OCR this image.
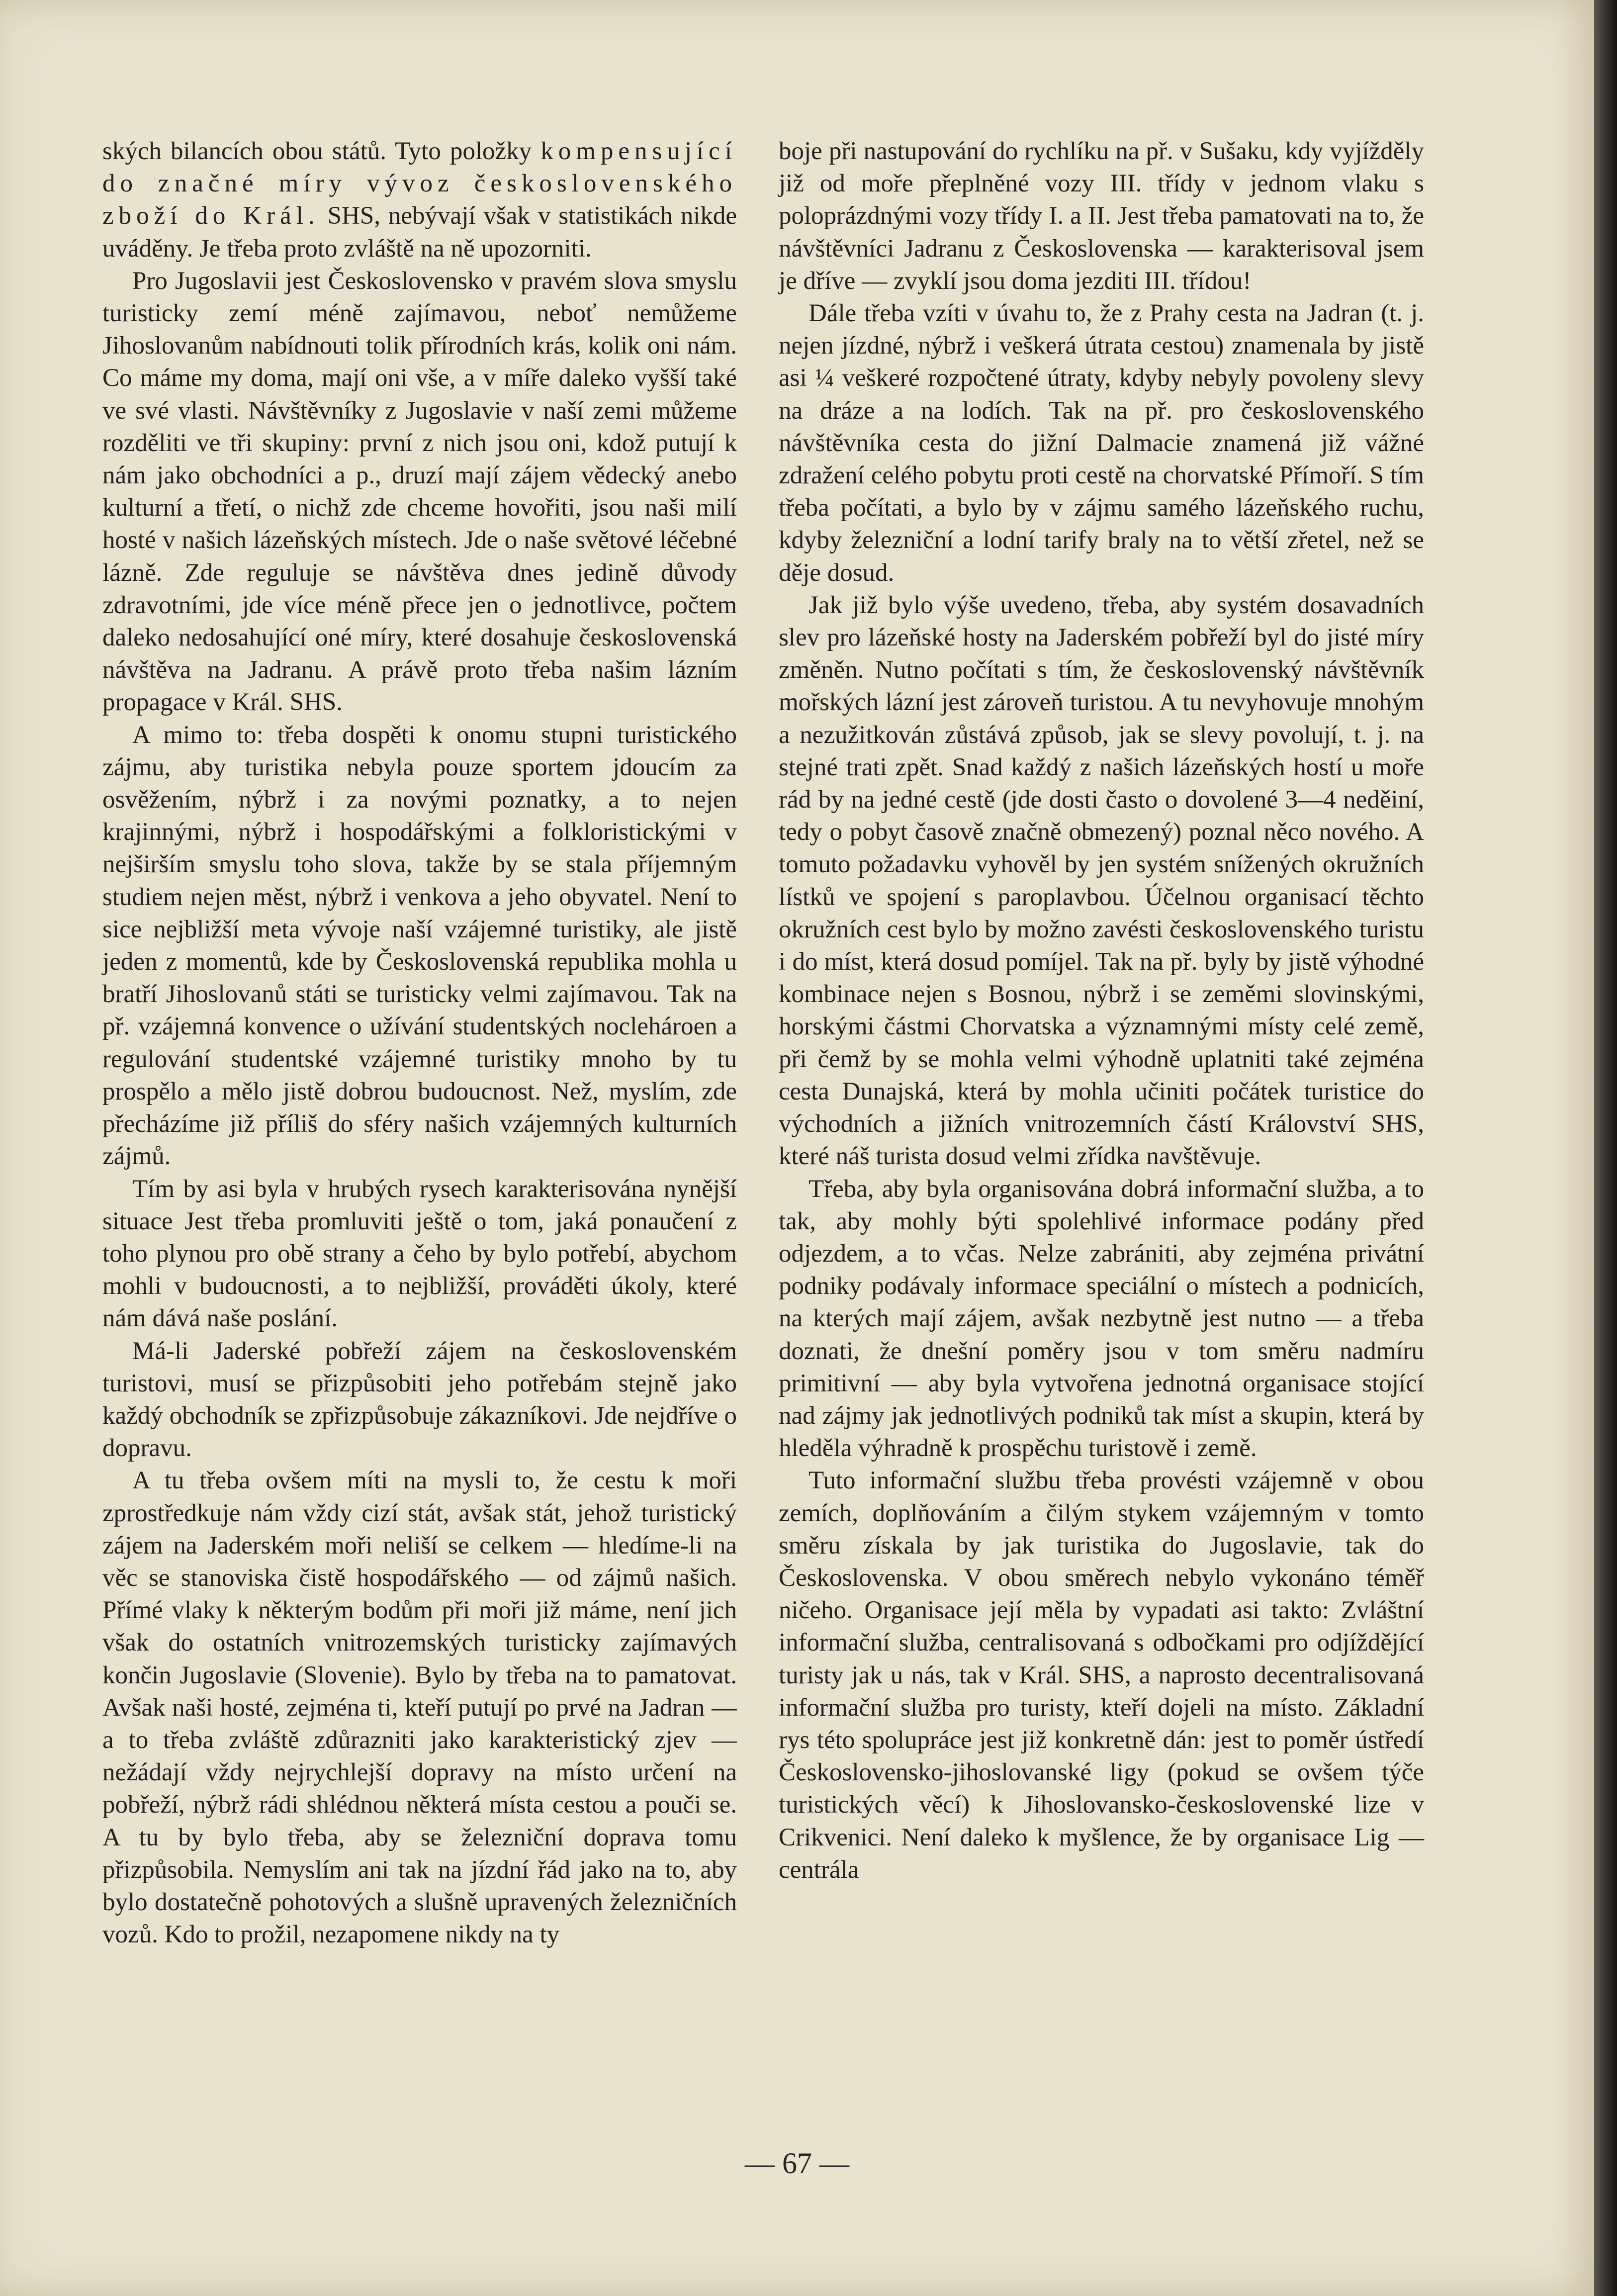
ských bilancích obou států. Tyto položky kompensující do značné míry vývoz československého zboží do Král. SHS, nebývají však v statistikách nikde uváděny. Je třeba proto zvláště na ně upozorniti.

Pro Jugoslavii jest Československo v pravém slova smyslu turisticky zemí méně zajímavou, neboť nemůžeme Jihoslovanům nabídnouti tolik přírodních krás, kolik oni nám. Co máme my doma, mají oni vše, a v míře daleko vyšší také ve své vlasti. Návštěvníky z Jugoslavie v naší zemi můžeme rozděliti ve tři skupiny: první z nich jsou oni, kdož putují k nám jako obchodníci a p., druzí mají zájem vědecký anebo kulturní a třetí, o nichž zde chceme hovořiti, jsou naši milí hosté v našich lázeňských místech. Jde o naše světové léčebné lázně. Zde reguluje se návštěva dnes jedině důvody zdravotními, jde více méně přece jen o jednotlivce, počtem daleko nedosahující oné míry, které dosahuje československá návštěva na Jadranu. A právě proto třeba našim lázním propagace v Král. SHS.

A mimo to: třeba dospěti k onomu stupni turistického zájmu, aby turistika nebyla pouze sportem jdoucím za osvěžením, nýbrž i za novými poznatky, a to nejen krajinnými, nýbrž i hospodářskými a folkloristickými v nejširším smyslu toho slova, takže by se stala příjemným studiem nejen měst, nýbrž i venkova a jeho obyvatel. Není to sice nejbližší meta vývoje naší vzájemné turistiky, ale jistě jeden z momentů, kde by Československá republika mohla u bratří Jihoslovanů státi se turisticky velmi zajímavou. Tak na př. vzájemná konvence o užívání studentských noclehároen a regulování studentské vzájemné turistiky mnoho by tu prospělo a mělo jistě dobrou budoucnost. Než, myslím, zde přecházíme již příliš do sféry našich vzájemných kulturních zájmů.

Tím by asi byla v hrubých rysech karakterisována nynější situace Jest třeba promluviti ještě o tom, jaká ponaučení z toho plynou pro obě strany a čeho by bylo potřebí, abychom mohli v budoucnosti, a to nejbližší, prováděti úkoly, které nám dává naše poslání.

Má-li Jaderské pobřeží zájem na československém turistovi, musí se přizpůsobiti jeho potřebám stejně jako každý obchodník se zpřizpůsobuje zákazníkovi. Jde nejdříve o dopravu.

A tu třeba ovšem míti na mysli to, že cestu k moři zprostředkuje nám vždy cizí stát, avšak stát, jehož turistický zájem na Jaderském moři neliší se celkem — hledíme-li na věc se stanoviska čistě hospodářského — od zájmů našich. Přímé vlaky k některým bodům při moři již máme, není jich však do ostatních vnitrozemských turisticky zajímavých končin Jugoslavie (Slovenie). Bylo by třeba na to pamatovat. Avšak naši hosté, zejména ti, kteří putují po prvé na Jadran — a to třeba zvláště zdůrazniti jako karakteristický zjev — nežádají vždy nejrychlejší dopravy na místo určení na pobřeží, nýbrž rádi shlédnou některá místa cestou a pouči se. A tu by bylo třeba, aby se železniční doprava tomu přizpůsobila. Nemyslím ani tak na jízdní řád jako na to, aby bylo dostatečně pohotových a slušně upravených železničních vozů. Kdo to prožil, nezapomene nikdy na ty

boje při nastupování do rychlíku na př. v Sušaku, kdy vyjížděly již od moře přeplněné vozy III. třídy v jednom vlaku s poloprázdnými vozy třídy I. a II. Jest třeba pamatovati na to, že návštěvníci Jadranu z Československa — karakterisoval jsem je dříve — zvyklí jsou doma jezditi III. třídou!

Dále třeba vzíti v úvahu to, že z Prahy cesta na Jadran (t. j. nejen jízdné, nýbrž i veškerá útrata cestou) znamenala by jistě asi ¼ veškeré rozpočtené útraty, kdyby nebyly povoleny slevy na dráze a na lodích. Tak na př. pro československého návštěvníka cesta do jižní Dalmacie znamená již vážné zdražení celého pobytu proti cestě na chorvatské Přímoří. S tím třeba počítati, a bylo by v zájmu samého lázeňského ruchu, kdyby železniční a lodní tarify braly na to větší zřetel, než se děje dosud.

Jak již bylo výše uvedeno, třeba, aby systém dosavadních slev pro lázeňské hosty na Jaderském pobřeží byl do jisté míry změněn. Nutno počítati s tím, že československý návštěvník mořských lázní jest zároveň turistou. A tu nevyhovuje mnohým a nezužitkován zůstává způsob, jak se slevy povolují, t. j. na stejné trati zpět. Snad každý z našich lázeňských hostí u moře rád by na jedné cestě (jde dosti často o dovolené 3—4 neděiní, tedy o pobyt časově značně obmezený) poznal něco nového. A tomuto požadavku vyhověl by jen systém snížených okružních lístků ve spojení s paroplavbou. Účelnou organisací těchto okružních cest bylo by možno zavésti československého turistu i do míst, která dosud pomíjel. Tak na př. byly by jistě výhodné kombinace nejen s Bosnou, nýbrž i se zeměmi slovinskými, horskými částmi Chorvatska a významnými místy celé země, při čemž by se mohla velmi výhodně uplatniti také zejména cesta Dunajská, která by mohla učiniti počátek turistice do východních a jižních vnitrozemních částí Království SHS, které náš turista dosud velmi zřídka navštěvuje.

Třeba, aby byla organisována dobrá informační služba, a to tak, aby mohly býti spolehlivé informace podány před odjezdem, a to včas. Nelze zabrániti, aby zejména privátní podniky podávaly informace speciální o místech a podnicích, na kterých mají zájem, avšak nezbytně jest nutno — a třeba doznati, že dnešní poměry jsou v tom směru nadmíru primitivní — aby byla vytvořena jednotná organisace stojící nad zájmy jak jednotlivých podniků tak míst a skupin, která by hleděla výhradně k prospěchu turistově i země.

Tuto informační službu třeba provésti vzájemně v obou zemích, doplňováním a čilým stykem vzájemným v tomto směru získala by jak turistika do Jugoslavie, tak do Československa. V obou směrech nebylo vykonáno téměř ničeho. Organisace její měla by vypadati asi takto: Zvláštní informační služba, centralisovaná s odbočkami pro odjíždějící turisty jak u nás, tak v Král. SHS, a naprosto decentralisovaná informační služba pro turisty, kteří dojeli na místo. Základní rys této spolupráce jest již konkretně dán: jest to poměr ústředí Československo-jihoslovanské ligy (pokud se ovšem týče turistických věcí) k Jihoslovansko-československé lize v Crikvenici. Není daleko k myšlence, že by organisace Lig — centrála

— 67 —
